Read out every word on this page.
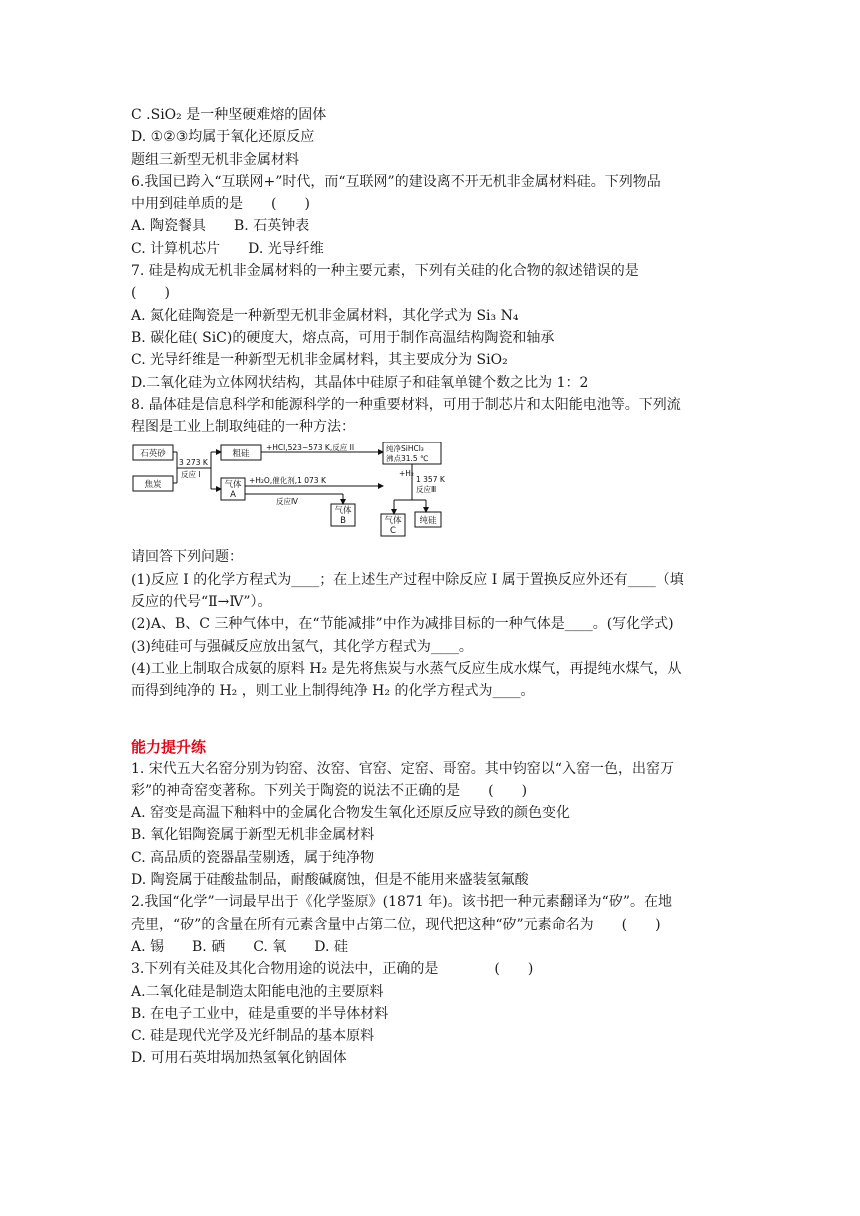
C .SiO₂ 是一种坚硬难熔的固体
D. ①②③均属于氧化还原反应
题组三新型无机非金属材料
6.我国已跨入“互联网+”时代，而“互联网”的建设离不开无机非金属材料硅。下列物品
中用到硅单质的是　　(　　)
A. 陶瓷餐具　　B. 石英钟表
C. 计算机芯片　　D. 光导纤维
7. 硅是构成无机非金属材料的一种主要元素，下列有关硅的化合物的叙述错误的是
(　　)
A. 氮化硅陶瓷是一种新型无机非金属材料，其化学式为 Si₃ N₄
B. 碳化硅( SiC)的硬度大，熔点高，可用于制作高温结构陶瓷和轴承
C. 光导纤维是一种新型无机非金属材料，其主要成分为 SiO₂
D.二氧化硅为立体网状结构，其晶体中硅原子和硅氧单键个数之比为 1：2
8. 晶体硅是信息科学和能源科学的一种重要材料，可用于制芯片和太阳能电池等。下列流
程图是工业上制取纯硅的一种方法：
石英砂
焦炭
3 273 K
反应 I
粗硅
+HCl,523~573 K,反应 II	纯净SiHCl₃
沸点31.5 ℃
气体
A
+H₂O,催化剂,1 073 K
反应Ⅳ
+H₂
1 357 K
反应Ⅲ
气体
B	气体
C
纯硅
请回答下列问题：
(1)反应 I 的化学方程式为____；在上述生产过程中除反应 I 属于置换反应外还有____（填
反应的代号“Ⅱ→Ⅳ”）。
(2)A、B、C 三种气体中，在“节能减排”中作为减排目标的一种气体是____。(写化学式)
(3)纯硅可与强碱反应放出氢气，其化学方程式为____。
(4)工业上制取合成氨的原料 H₂ 是先将焦炭与水蒸气反应生成水煤气，再提纯水煤气，从
而得到纯净的 H₂ ，则工业上制得纯净 H₂ 的化学方程式为____。
能力提升练
1. 宋代五大名窑分别为钧窑、汝窑、官窑、定窑、哥窑。其中钧窑以“入窑一色，出窑万
彩”的神奇窑变著称。下列关于陶瓷的说法不正确的是　　(　　)
A. 窑变是高温下釉料中的金属化合物发生氧化还原反应导致的颜色变化
B. 氧化铝陶瓷属于新型无机非金属材料
C. 高品质的瓷器晶莹剔透，属于纯净物
D. 陶瓷属于硅酸盐制品，耐酸碱腐蚀，但是不能用来盛装氢氟酸
2.我国“化学”一词最早出于《化学鉴原》(1871 年)。该书把一种元素翻译为“矽”。在地
壳里，“矽”的含量在所有元素含量中占第二位，现代把这种“矽”元素命名为　　(　　)
A. 锡　　B. 硒　　C. 氧　　D. 硅
3.下列有关硅及其化合物用途的说法中，正确的是　　　　(　　)
A.二氧化硅是制造太阳能电池的主要原料
B. 在电子工业中，硅是重要的半导体材料
C. 硅是现代光学及光纤制品的基本原料
D. 可用石英坩埚加热氢氧化钠固体
